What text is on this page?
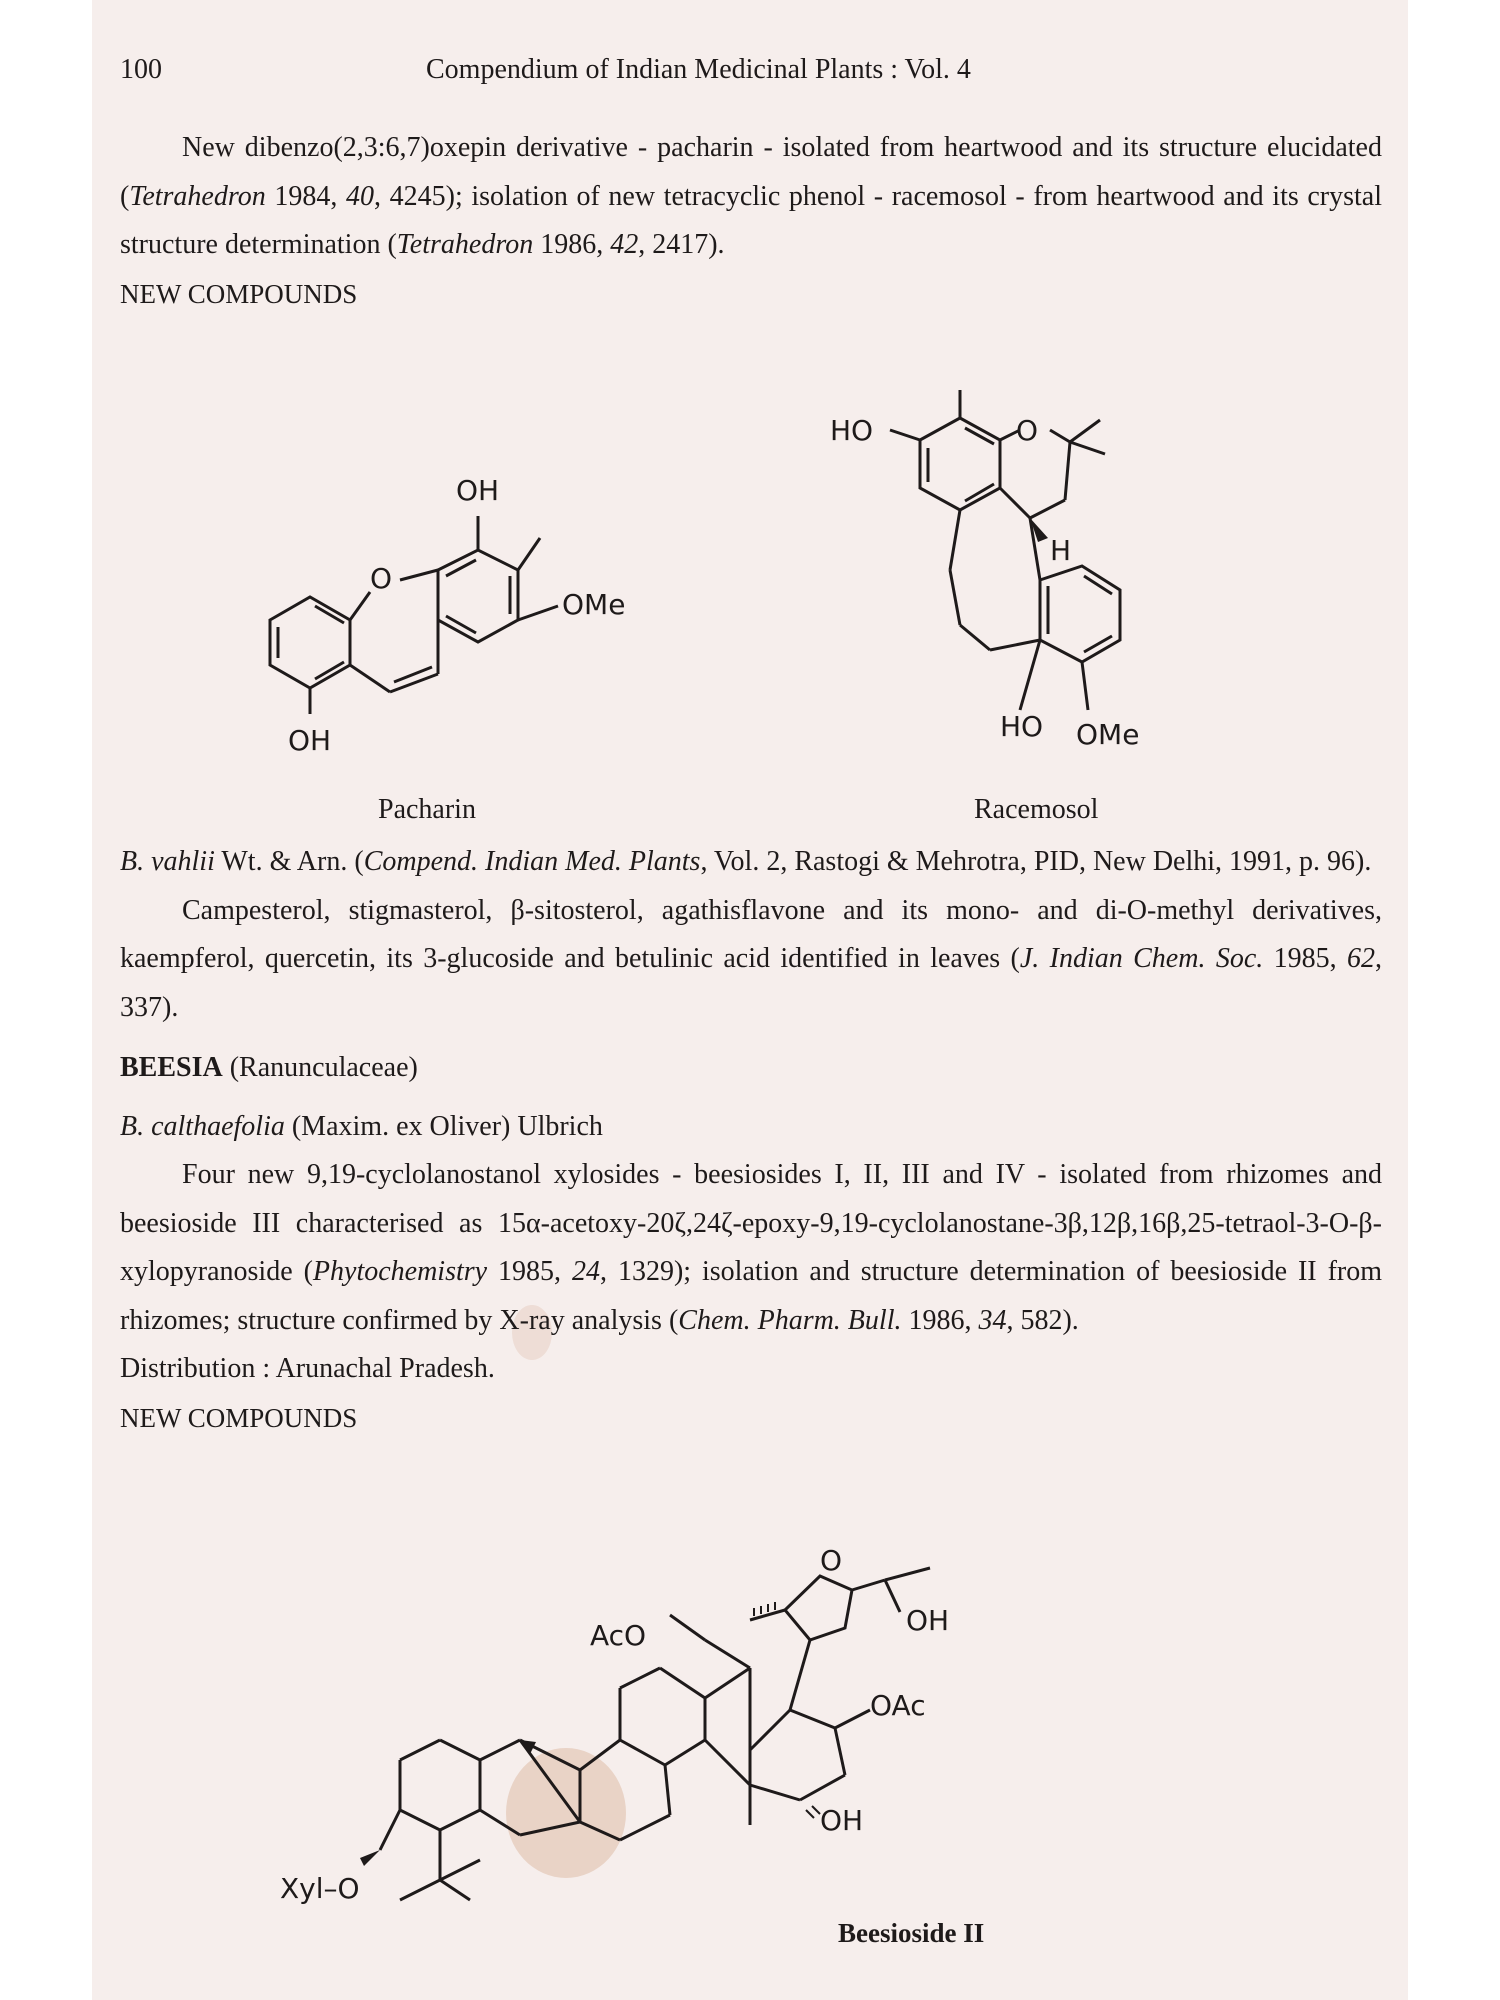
100	Compendium of Indian Medicinal Plants : Vol. 4

New dibenzo(2,3:6,7)oxepin derivative - pacharin - isolated from heartwood and its structure elucidated (Tetrahedron 1984, 40, 4245); isolation of new tetracyclic phenol - racemosol - from heartwood and its crystal structure determination (Tetrahedron 1986, 42, 2417).

NEW COMPOUNDS

O
OH
OMe
OH
Pacharin
HO	O
H
HO OMe
Racemosol

B. vahlii Wt. & Arn. (Compend. Indian Med. Plants, Vol. 2, Rastogi & Mehrotra, PID, New Delhi, 1991, p. 96).

Campesterol, stigmasterol, β-sitosterol, agathisflavone and its mono- and di-O-methyl derivatives, kaempferol, quercetin, its 3-glucoside and betulinic acid identified in leaves (J. Indian Chem. Soc. 1985, 62, 337).

BEESIA (Ranunculaceae)

B. calthaefolia (Maxim. ex Oliver) Ulbrich

Four new 9,19-cyclolanostanol xylosides - beesiosides I, II, III and IV - isolated from rhizomes and beesioside III characterised as 15α-acetoxy-20ζ,24ζ-epoxy-9,19-cyclolanostane-3β,12β,16β,25-tetraol-3-O-β-xylopyranoside (Phytochemistry 1985, 24, 1329); isolation and structure determination of beesioside II from rhizomes; structure confirmed by X-ray analysis (Chem. Pharm. Bull. 1986, 34, 582).

Distribution : Arunachal Pradesh.

NEW COMPOUNDS

O
OH
AcO
OAc
OH
Xyl–O
Beesioside II
